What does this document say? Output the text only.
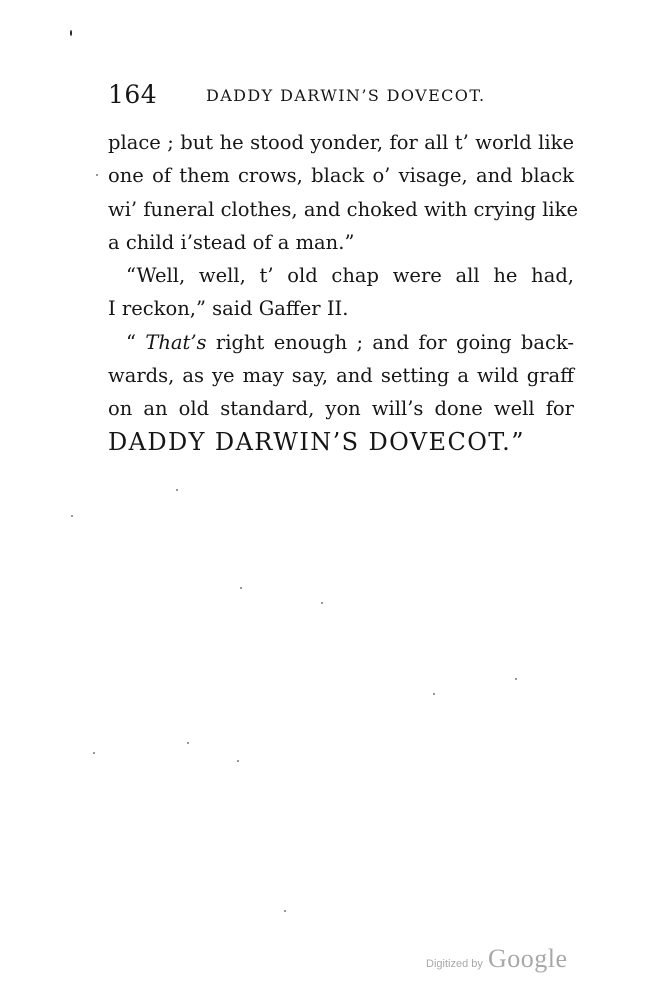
164	DADDY DARWIN’S DOVECOT.
place ; but he stood yonder, for all t’ world like
one of them crows, black o’ visage, and black
wi’ funeral clothes, and choked with crying like
a child i’stead of a man.”
“Well, well, t’ old chap were all he had,
I reckon,” said Gaffer II.
“ That’s right enough ; and for going back-
wards, as ye may say, and setting a wild graff
on an old standard, yon will’s done well for
DADDY DARWIN’S DOVECOT.”
Digitized by Google
